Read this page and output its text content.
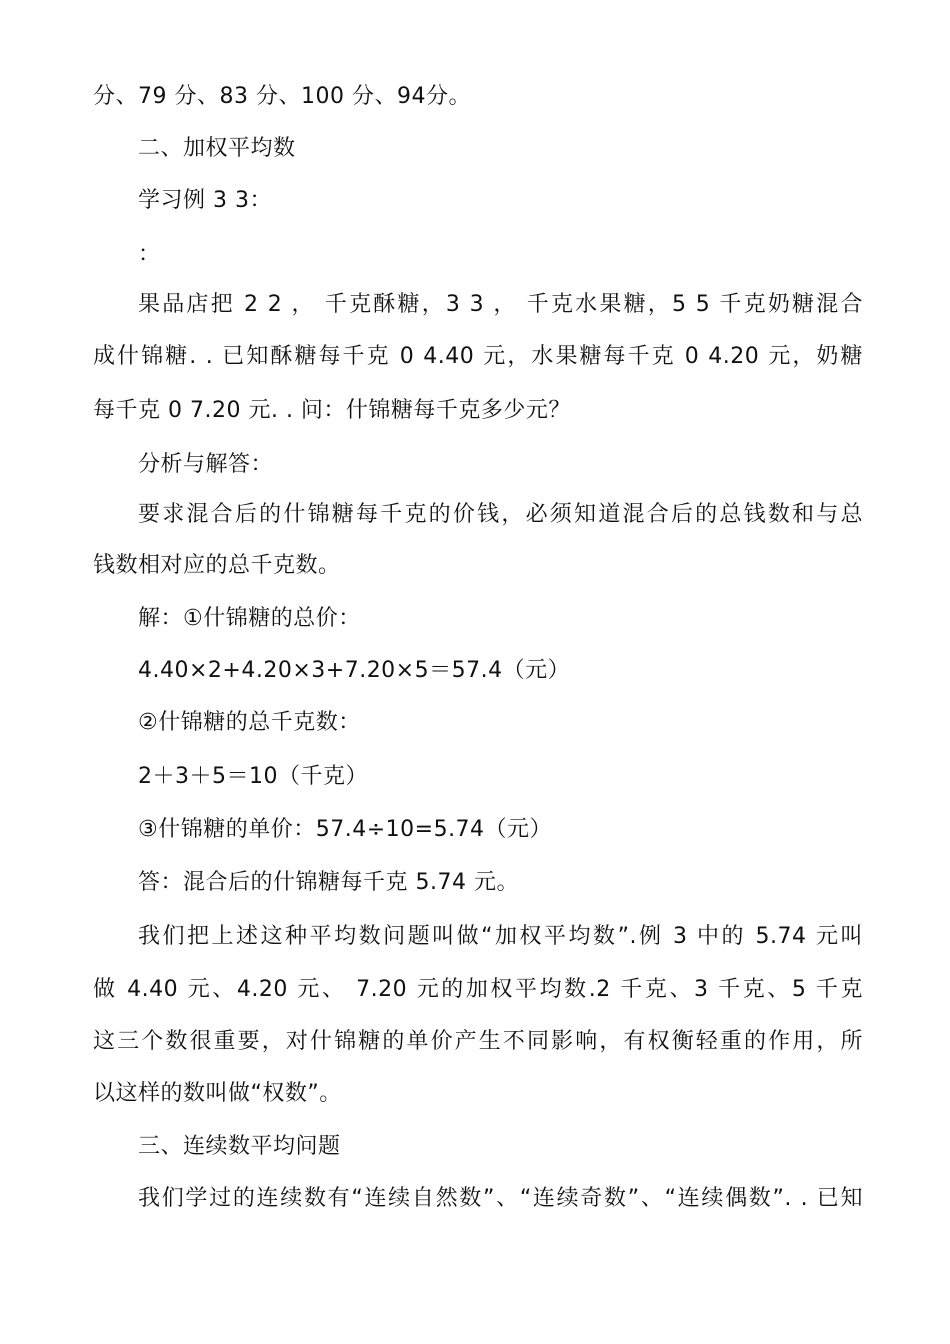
分、79 分、83 分、100 分、94分。
二、加权平均数
学习例 3 3：
：
果品店把 2 2 ， 千克酥糖，3 3 ， 千克水果糖，5 5 千克奶糖混合
成什锦糖. . 已知酥糖每千克 0 4.40 元，水果糖每千克 0 4.20 元，奶糖
每千克 0 7.20 元. . 问：什锦糖每千克多少元？
分析与解答：
要求混合后的什锦糖每千克的价钱，必须知道混合后的总钱数和与总
钱数相对应的总千克数。
解：①什锦糖的总价：
4.40×2+4.20×3+7.20×5＝57.4（元）
②什锦糖的总千克数：
2＋3＋5＝10（千克）
③什锦糖的单价：57.4÷10=5.74（元）
答：混合后的什锦糖每千克 5.74 元。
我们把上述这种平均数问题叫做“加权平均数”.例 3 中的 5.74 元叫
做 4.40 元、4.20 元、 7.20 元的加权平均数.2 千克、3 千克、5 千克
这三个数很重要，对什锦糖的单价产生不同影响，有权衡轻重的作用，所
以这样的数叫做“权数”。
三、连续数平均问题
我们学过的连续数有“连续自然数”、“连续奇数”、“连续偶数”. . 已知
